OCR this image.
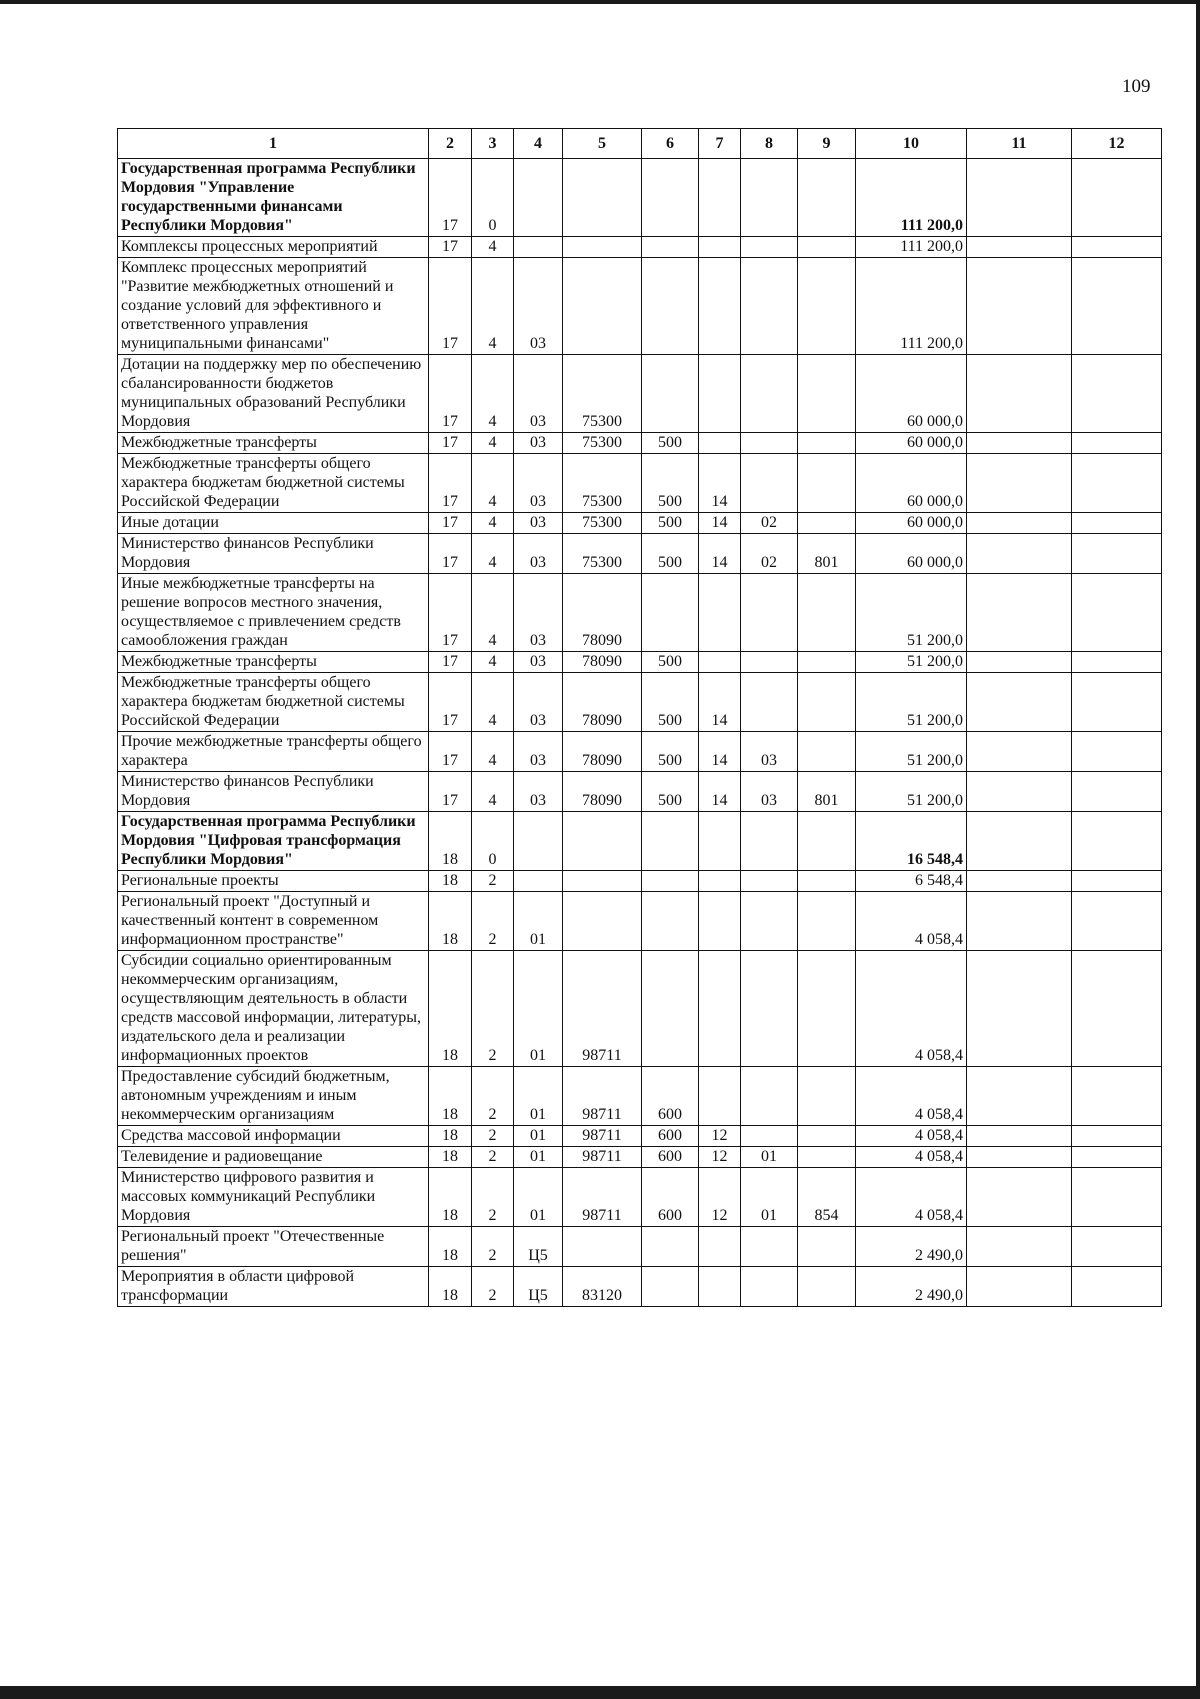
109
1	2	3	4	5	6	7	8	9	10	11	12
Государственная программа Республики Мордовия "Управление государственными финансами Республики Мордовия"	17	0							111 200,0		
Комплексы процессных мероприятий	17	4							111 200,0		
Комплекс процессных мероприятий "Развитие межбюджетных отношений и создание условий для эффективного и ответственного управления муниципальными финансами"	17	4	03						111 200,0		
Дотации на поддержку мер по обеспечению сбалансированности бюджетов муниципальных образований Республики Мордовия	17	4	03	75300					60 000,0		
Межбюджетные трансферты	17	4	03	75300	500				60 000,0		
Межбюджетные трансферты общего характера бюджетам бюджетной системы Российской Федерации	17	4	03	75300	500	14			60 000,0		
Иные дотации	17	4	03	75300	500	14	02		60 000,0		
Министерство финансов Республики Мордовия	17	4	03	75300	500	14	02	801	60 000,0		
Иные межбюджетные трансферты на решение вопросов местного значения, осуществляемое с привлечением средств самообложения граждан	17	4	03	78090					51 200,0		
Межбюджетные трансферты	17	4	03	78090	500				51 200,0		
Межбюджетные трансферты общего характера бюджетам бюджетной системы Российской Федерации	17	4	03	78090	500	14			51 200,0		
Прочие межбюджетные трансферты общего характера	17	4	03	78090	500	14	03		51 200,0		
Министерство финансов Республики Мордовия	17	4	03	78090	500	14	03	801	51 200,0		
Государственная программа Республики Мордовия "Цифровая трансформация Республики Мордовия"	18	0							16 548,4		
Региональные проекты	18	2							6 548,4		
Региональный проект "Доступный и качественный контент в современном информационном пространстве"	18	2	01						4 058,4		
Субсидии социально ориентированным некоммерческим организациям, осуществляющим деятельность в области средств массовой информации, литературы, издательского дела и реализации информационных проектов	18	2	01	98711					4 058,4		
Предоставление субсидий бюджетным, автономным учреждениям и иным некоммерческим организациям	18	2	01	98711	600				4 058,4		
Средства массовой информации	18	2	01	98711	600	12			4 058,4		
Телевидение и радиовещание	18	2	01	98711	600	12	01		4 058,4		
Министерство цифрового развития и массовых коммуникаций Республики Мордовия	18	2	01	98711	600	12	01	854	4 058,4		
Региональный проект "Отечественные решения"	18	2	Ц5						2 490,0		
Мероприятия в области цифровой трансформации	18	2	Ц5	83120					2 490,0		
